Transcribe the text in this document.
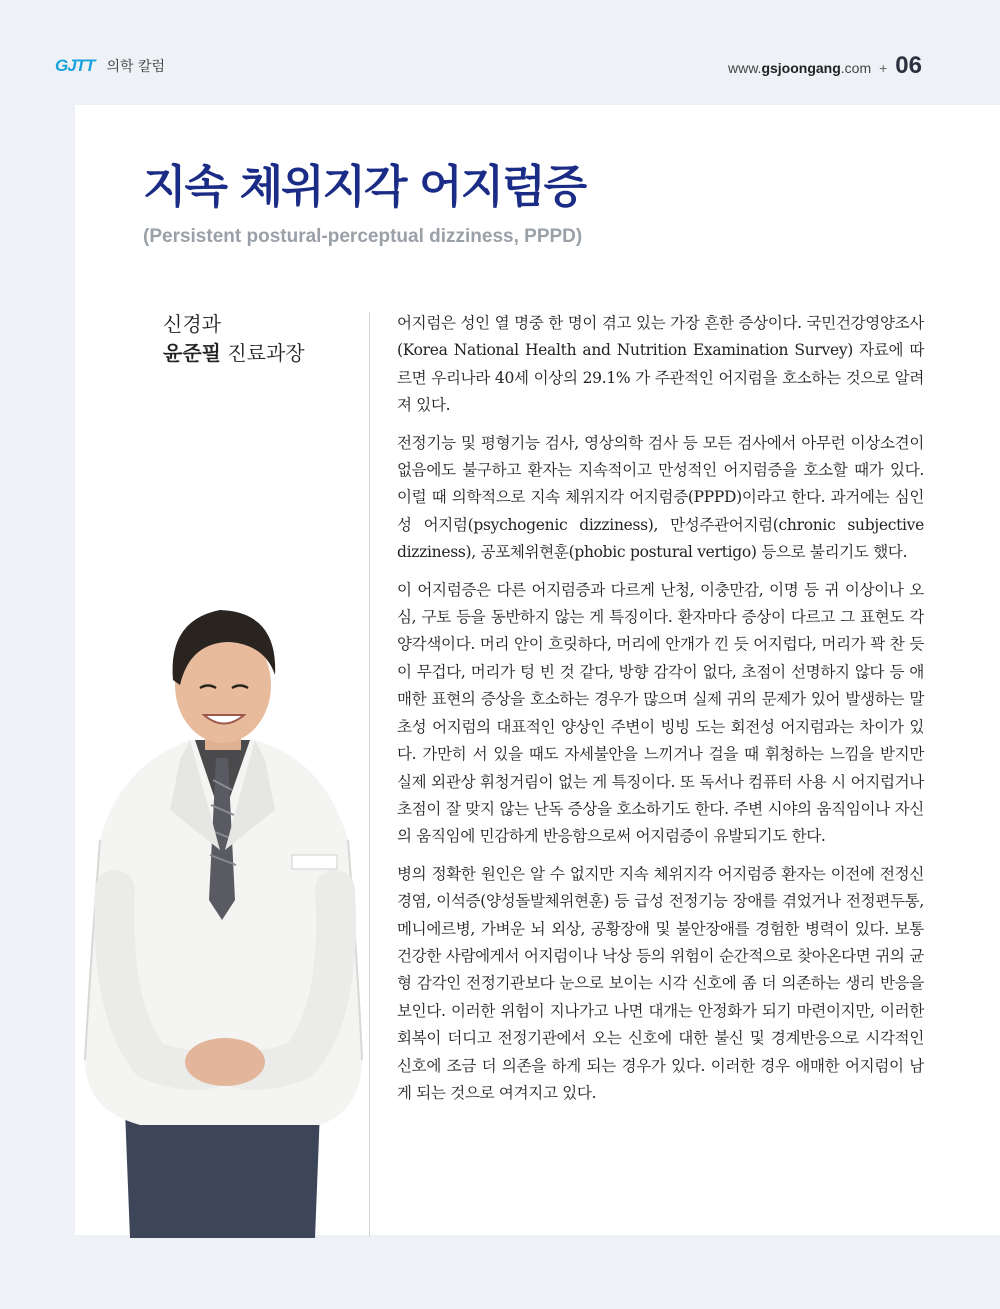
GJTT 의학 칼럼	www.gsjoongang.com + 06
지속 체위지각 어지럼증
(Persistent postural-perceptual dizziness, PPPD)
신경과
윤준필 진료과장

어지럼은 성인 열 명중 한 명이 겪고 있는 가장 흔한 증상이다. 국민건강영양조사(Korea National Health and Nutrition Examination Survey) 자료에 따르면 우리나라 40세 이상의 29.1% 가 주관적인 어지럼을 호소하는 것으로 알려져 있다.

전정기능 및 평형기능 검사, 영상의학 검사 등 모든 검사에서 아무런 이상소견이 없음에도 불구하고 환자는 지속적이고 만성적인 어지럼증을 호소할 때가 있다. 이럴 때 의학적으로 지속 체위지각 어지럼증(PPPD)이라고 한다. 과거에는 심인성 어지럼(psychogenic dizziness), 만성주관어지럼(chronic subjective dizziness), 공포체위현훈(phobic postural vertigo) 등으로 불리기도 했다.

이 어지럼증은 다른 어지럼증과 다르게 난청, 이충만감, 이명 등 귀 이상이나 오심, 구토 등을 동반하지 않는 게 특징이다. 환자마다 증상이 다르고 그 표현도 각양각색이다. 머리 안이 흐릿하다, 머리에 안개가 낀 듯 어지럽다, 머리가 꽉 찬 듯이 무겁다, 머리가 텅 빈 것 같다, 방향 감각이 없다, 초점이 선명하지 않다 등 애매한 표현의 증상을 호소하는 경우가 많으며 실제 귀의 문제가 있어 발생하는 말초성 어지럼의 대표적인 양상인 주변이 빙빙 도는 회전성 어지럼과는 차이가 있다. 가만히 서 있을 때도 자세불안을 느끼거나 걸을 때 휘청하는 느낌을 받지만 실제 외관상 휘청거림이 없는 게 특징이다. 또 독서나 컴퓨터 사용 시 어지럽거나 초점이 잘 맞지 않는 난독 증상을 호소하기도 한다. 주변 시야의 움직임이나 자신의 움직임에 민감하게 반응함으로써 어지럼증이 유발되기도 한다.

병의 정확한 원인은 알 수 없지만 지속 체위지각 어지럼증 환자는 이전에 전정신경염, 이석증(양성돌발체위현훈) 등 급성 전정기능 장애를 겪었거나 전정편두통, 메니에르병, 가벼운 뇌 외상, 공황장애 및 불안장애를 경험한 병력이 있다. 보통 건강한 사람에게서 어지럼이나 낙상 등의 위험이 순간적으로 찾아온다면 귀의 균형 감각인 전정기관보다 눈으로 보이는 시각 신호에 좀 더 의존하는 생리 반응을 보인다. 이러한 위험이 지나가고 나면 대개는 안정화가 되기 마련이지만, 이러한 회복이 더디고 전정기관에서 오는 신호에 대한 불신 및 경계반응으로 시각적인 신호에 조금 더 의존을 하게 되는 경우가 있다. 이러한 경우 애매한 어지럼이 남게 되는 것으로 여겨지고 있다.
